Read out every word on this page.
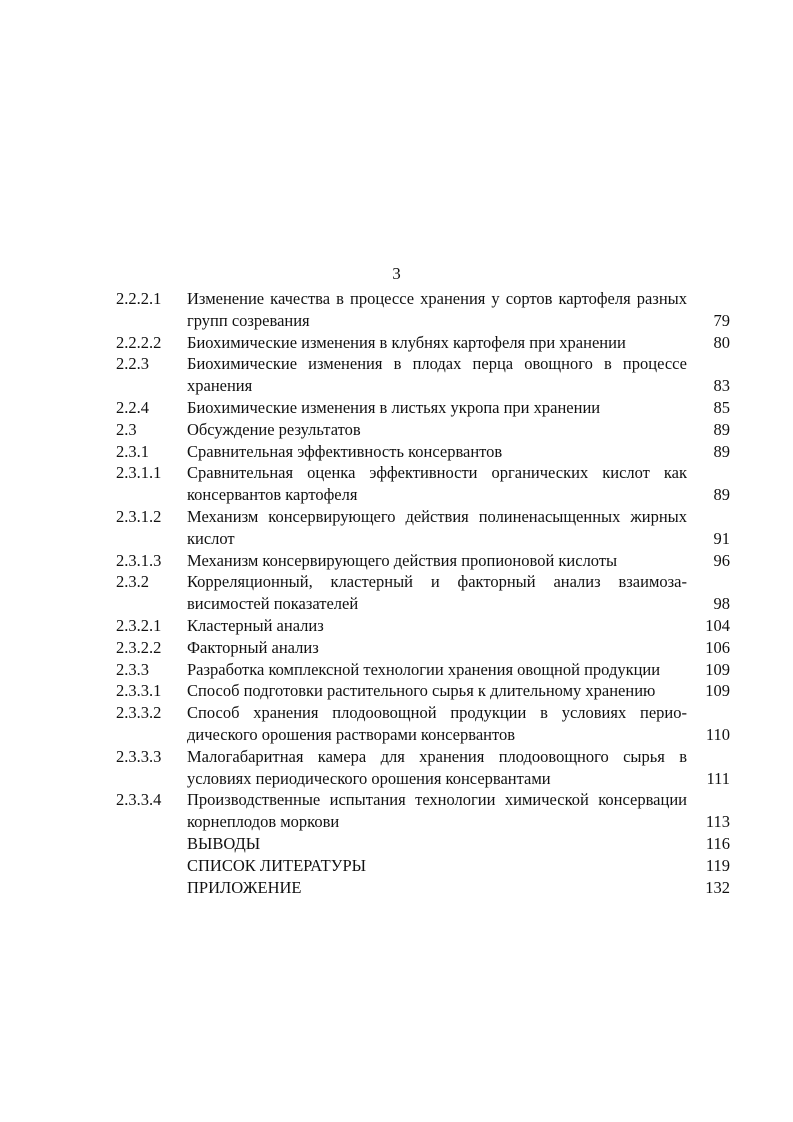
3
2.2.2.1	Изменение качества в процессе хранения у сортов картофеля разных групп созревания	79
2.2.2.2	Биохимические изменения в клубнях картофеля при хранении	80
2.2.3	Биохимические изменения в плодах перца овощного в процессе хранения	83
2.2.4	Биохимические изменения в листьях укропа при хранении	85
2.3	Обсуждение результатов	89
2.3.1	Сравнительная эффективность консервантов	89
2.3.1.1	Сравнительная оценка эффективности органических кислот как консервантов картофеля	89
2.3.1.2	Механизм консервирующего действия полиненасыщенных жирных кислот	91
2.3.1.3	Механизм консервирующего действия пропионовой кислоты	96
2.3.2	Корреляционный, кластерный и факторный анализ взаимозависимостей показателей	98
2.3.2.1	Кластерный анализ	104
2.3.2.2	Факторный анализ	106
2.3.3	Разработка комплексной технологии хранения овощной продукции	109
2.3.3.1	Способ подготовки растительного сырья к длительному хранению	109
2.3.3.2	Способ хранения плодоовощной продукции в условиях периодического орошения растворами консервантов	110
2.3.3.3	Малогабаритная камера для хранения плодоовощного сырья в условиях периодического орошения консервантами	111
2.3.3.4	Производственные испытания технологии химической консервации корнеплодов моркови	113
ВЫВОДЫ	116
СПИСОК ЛИТЕРАТУРЫ	119
ПРИЛОЖЕНИЕ	132
